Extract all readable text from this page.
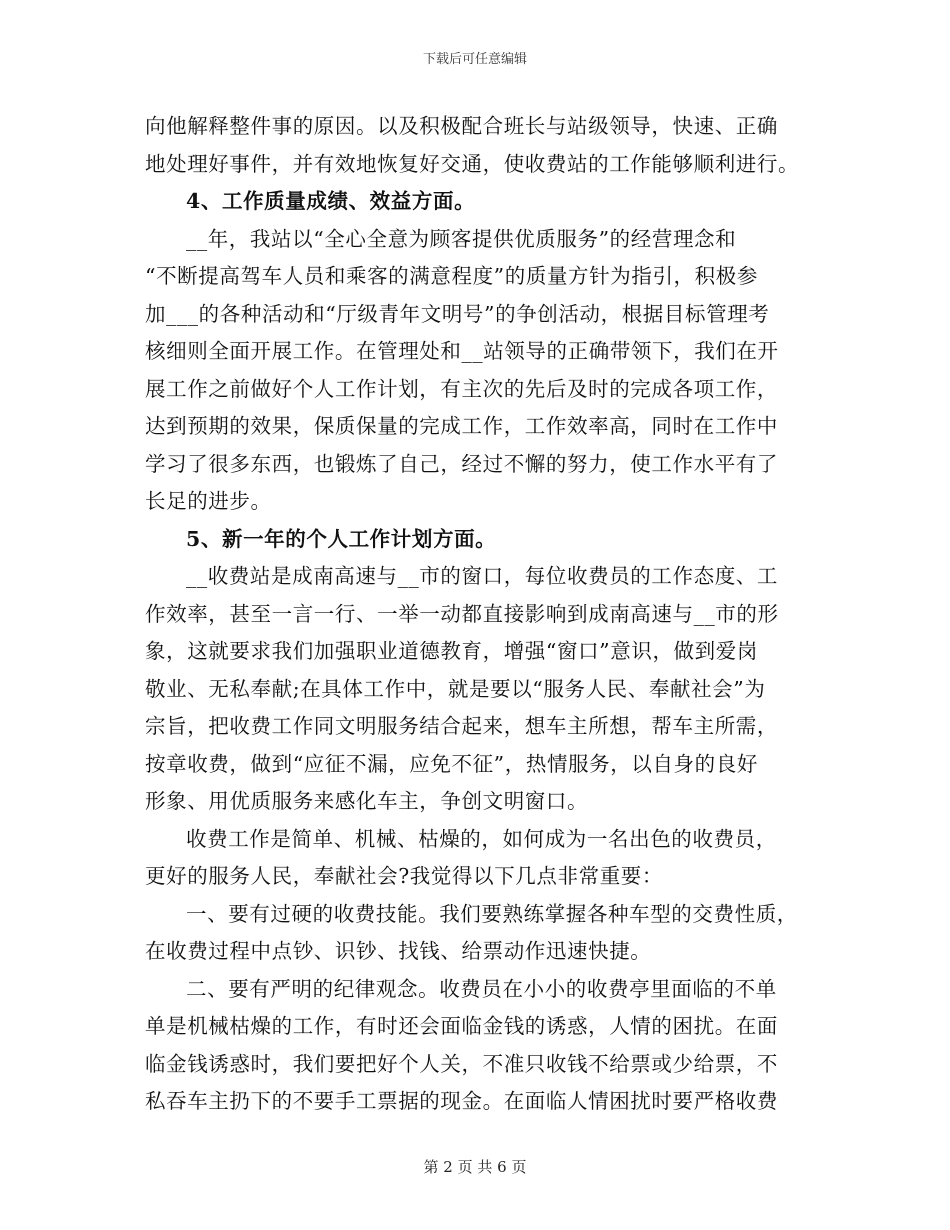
下载后可任意编辑
向他解释整件事的原因。以及积极配合班长与站级领导，快速、正确
地处理好事件，并有效地恢复好交通，使收费站的工作能够顺利进行。
4、工作质量成绩、效益方面。
__年，我站以“全心全意为顾客提供优质服务”的经营理念和
“不断提高驾车人员和乘客的满意程度”的质量方针为指引，积极参
加___的各种活动和“厅级青年文明号”的争创活动，根据目标管理考
核细则全面开展工作。在管理处和__站领导的正确带领下，我们在开
展工作之前做好个人工作计划，有主次的先后及时的完成各项工作，
达到预期的效果，保质保量的完成工作，工作效率高，同时在工作中
学习了很多东西，也锻炼了自己，经过不懈的努力，使工作水平有了
长足的进步。
5、新一年的个人工作计划方面。
__收费站是成南高速与__市的窗口，每位收费员的工作态度、工
作效率，甚至一言一行、一举一动都直接影响到成南高速与__市的形
象，这就要求我们加强职业道德教育，增强“窗口”意识，做到爱岗
敬业、无私奉献;在具体工作中，就是要以“服务人民、奉献社会”为
宗旨，把收费工作同文明服务结合起来，想车主所想，帮车主所需，
按章收费，做到“应征不漏，应免不征”，热情服务，以自身的良好
形象、用优质服务来感化车主，争创文明窗口。
收费工作是简单、机械、枯燥的，如何成为一名出色的收费员，
更好的服务人民，奉献社会?我觉得以下几点非常重要：
一、要有过硬的收费技能。我们要熟练掌握各种车型的交费性质，
在收费过程中点钞、识钞、找钱、给票动作迅速快捷。
二、要有严明的纪律观念。收费员在小小的收费亭里面临的不单
单是机械枯燥的工作，有时还会面临金钱的诱惑，人情的困扰。在面
临金钱诱惑时，我们要把好个人关，不准只收钱不给票或少给票，不
私吞车主扔下的不要手工票据的现金。在面临人情困扰时要严格收费
第 2 页 共 6 页
